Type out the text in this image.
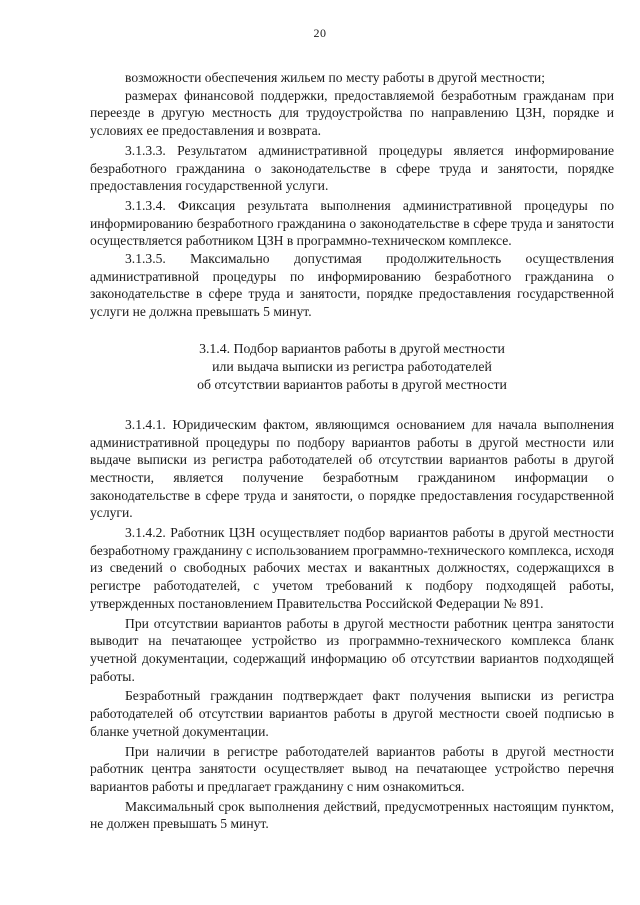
20

возможности обеспечения жильем по месту работы в другой местности;

размерах финансовой поддержки, предоставляемой безработным гражданам при переезде в другую местность для трудоустройства по направлению ЦЗН, порядке и условиях ее предоставления и возврата.

3.1.3.3. Результатом административной процедуры является информирование безработного гражданина о законодательстве в сфере труда и занятости, порядке предоставления государственной услуги.

3.1.3.4. Фиксация результата выполнения административной процедуры по информированию безработного гражданина о законодательстве в сфере труда и занятости осуществляется работником ЦЗН в программно-техническом комплексе.

3.1.3.5. Максимально допустимая продолжительность осуществления административной процедуры по информированию безработного гражданина о законодательстве в сфере труда и занятости, порядке предоставления государственной услуги не должна превышать 5 минут.

3.1.4. Подбор вариантов работы в другой местности
или выдача выписки из регистра работодателей
об отсутствии вариантов работы в другой местности

3.1.4.1. Юридическим фактом, являющимся основанием для начала выполнения административной процедуры по подбору вариантов работы в другой местности или выдаче выписки из регистра работодателей об отсутствии вариантов работы в другой местности, является получение безработным гражданином информации о законодательстве в сфере труда и занятости, о порядке предоставления государственной услуги.

3.1.4.2. Работник ЦЗН осуществляет подбор вариантов работы в другой местности безработному гражданину с использованием программно-технического комплекса, исходя из сведений о свободных рабочих местах и вакантных должностях, содержащихся в регистре работодателей, с учетом требований к подбору подходящей работы, утвержденных постановлением Правительства Российской Федерации № 891.

При отсутствии вариантов работы в другой местности работник центра занятости выводит на печатающее устройство из программно-технического комплекса бланк учетной документации, содержащий информацию об отсутствии вариантов подходящей работы.

Безработный гражданин подтверждает факт получения выписки из регистра работодателей об отсутствии вариантов работы в другой местности своей подписью в бланке учетной документации.

При наличии в регистре работодателей вариантов работы в другой местности работник центра занятости осуществляет вывод на печатающее устройство перечня вариантов работы и предлагает гражданину с ним ознакомиться.

Максимальный срок выполнения действий, предусмотренных настоящим пунктом, не должен превышать 5 минут.
